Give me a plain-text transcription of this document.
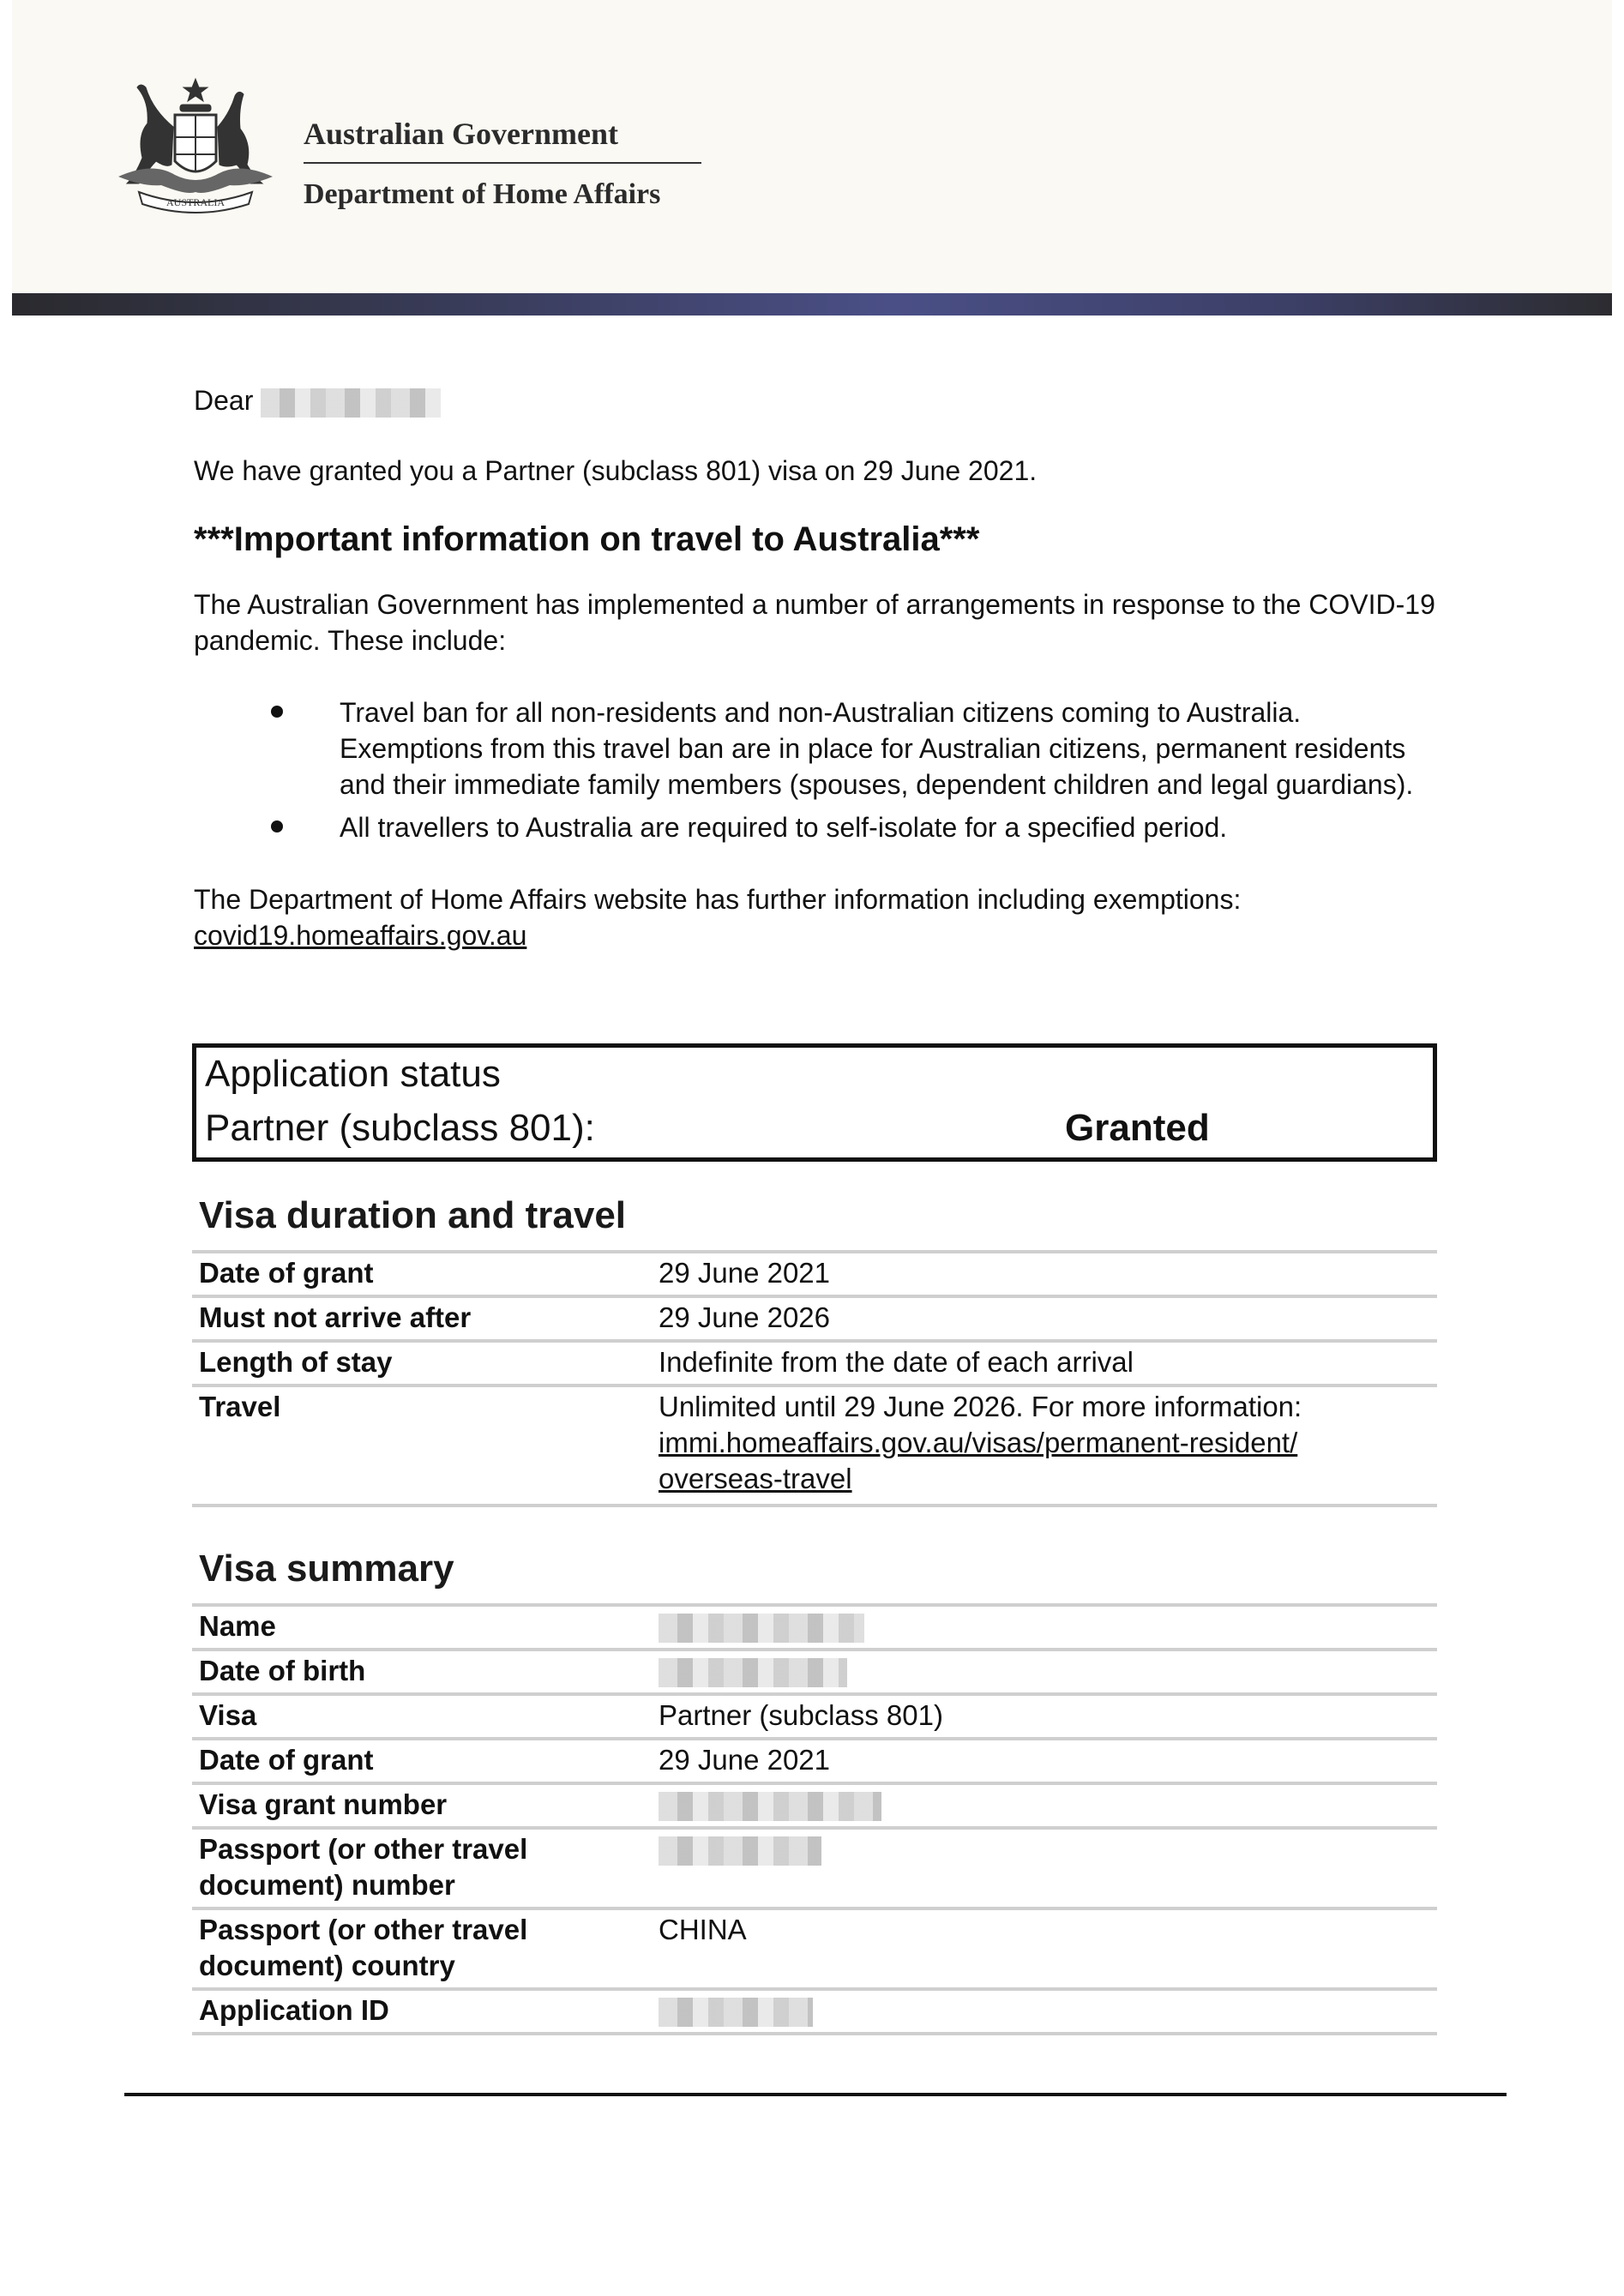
AUSTRALIA
Australian Government
Department of Home Affairs

Dear

We have granted you a Partner (subclass 801) visa on 29 June 2021.

***Important information on travel to Australia***

The Australian Government has implemented a number of arrangements in response to the COVID-19 pandemic. These include:

Travel ban for all non-residents and non-Australian citizens coming to Australia. Exemptions from this travel ban are in place for Australian citizens, permanent residents and their immediate family members (spouses, dependent children and legal guardians).
All travellers to Australia are required to self-isolate for a specified period.

The Department of Home Affairs website has further information including exemptions:

covid19.homeaffairs.gov.au

Application status
Partner (subclass 801):	Granted
Visa duration and travel
Date of grant	29 June 2021
Must not arrive after	29 June 2026
Length of stay	Indefinite from the date of each arrival
Travel	Unlimited until 29 June 2026. For more information:
immi.homeaffairs.gov.au/visas/permanent-resident/
overseas-travel
Visa summary
Name	
Date of birth	
Visa	Partner (subclass 801)
Date of grant	29 June 2021
Visa grant number	
Passport (or other travel document) number	
Passport (or other travel document) country	CHINA
Application ID	
